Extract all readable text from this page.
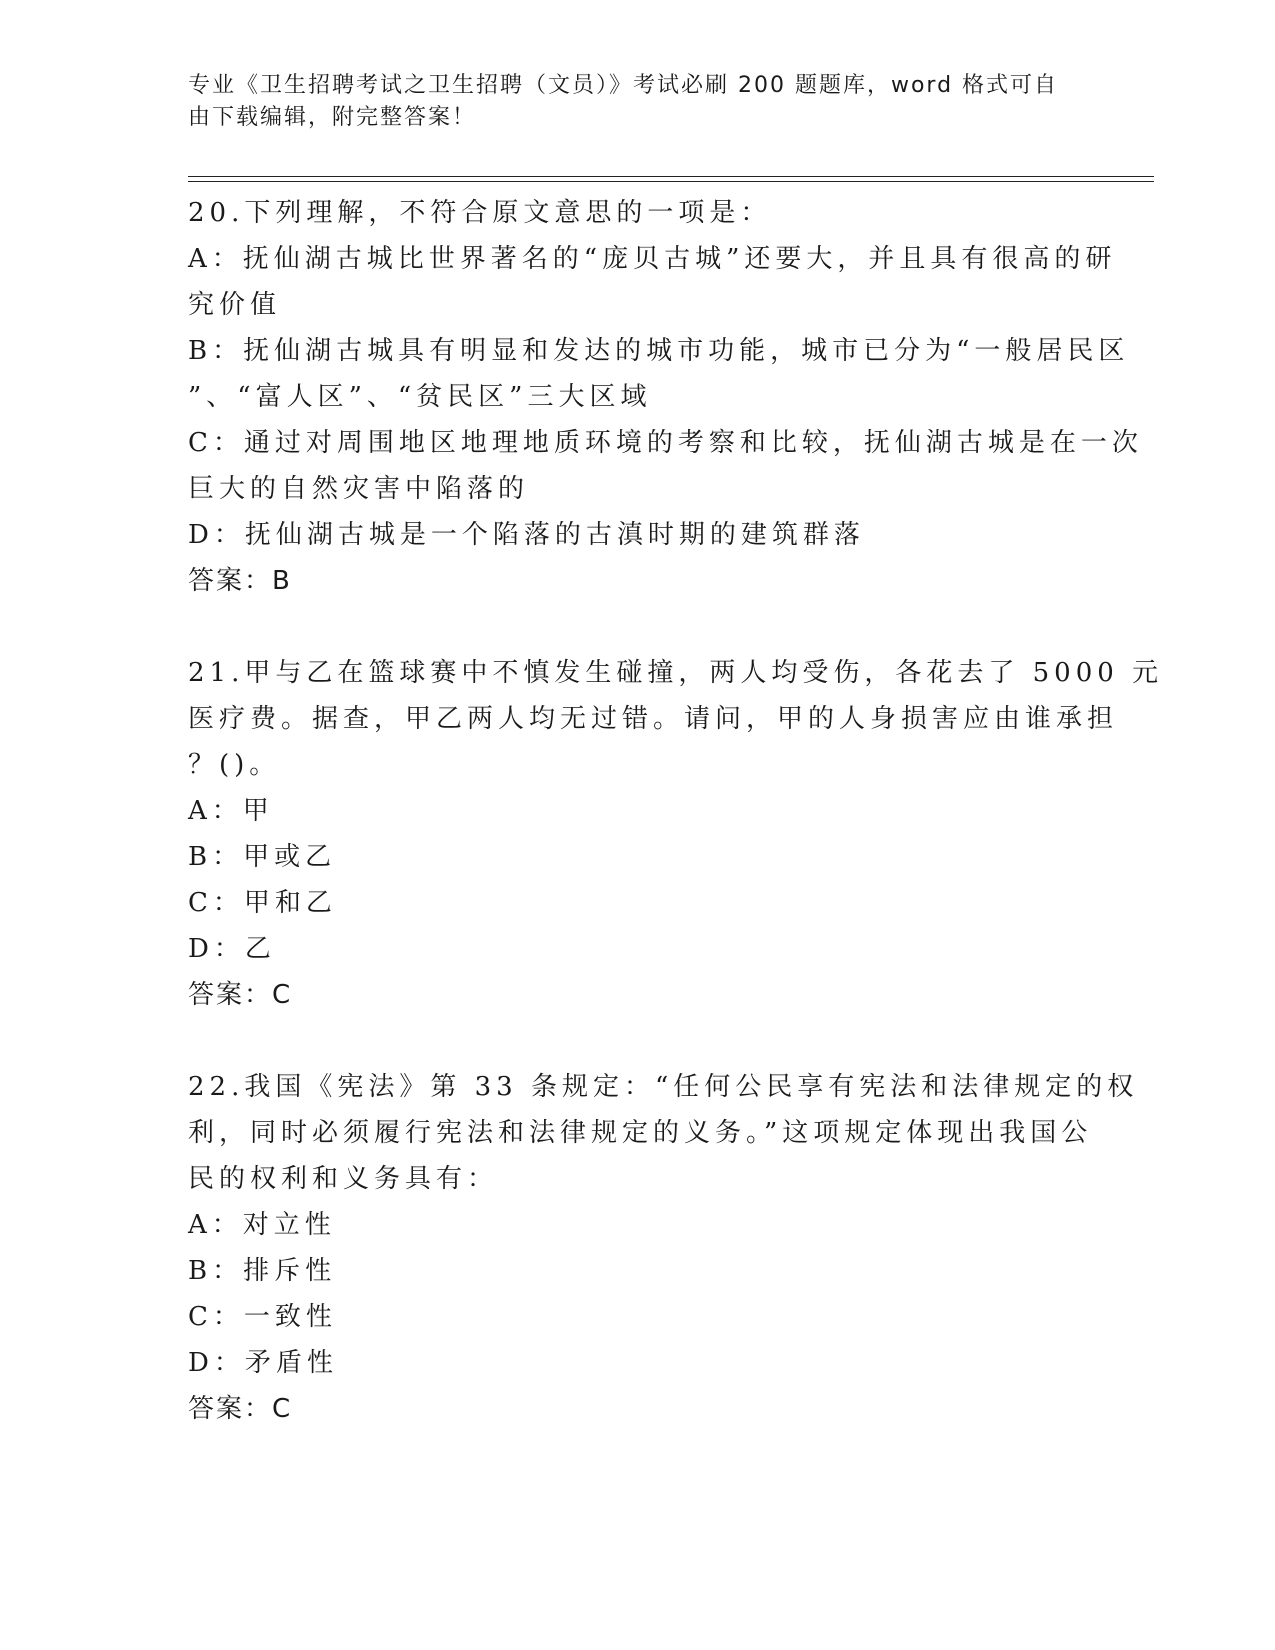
专业《卫生招聘考试之卫生招聘（文员）》考试必刷 200 题题库，word 格式可自
由下载编辑，附完整答案！
20.下列理解，不符合原文意思的一项是：
A：抚仙湖古城比世界著名的“庞贝古城”还要大，并且具有很高的研
究价值
B：抚仙湖古城具有明显和发达的城市功能，城市已分为“一般居民区
”、“富人区”、“贫民区”三大区域
C：通过对周围地区地理地质环境的考察和比较，抚仙湖古城是在一次
巨大的自然灾害中陷落的
D：抚仙湖古城是一个陷落的古滇时期的建筑群落
答案：B
21.甲与乙在篮球赛中不慎发生碰撞，两人均受伤，各花去了 5000 元
医疗费。据查，甲乙两人均无过错。请问，甲的人身损害应由谁承担
？()。
A：甲
B：甲或乙
C：甲和乙
D：乙
答案：C
22.我国《宪法》第 33 条规定：“任何公民享有宪法和法律规定的权
利，同时必须履行宪法和法律规定的义务。”这项规定体现出我国公
民的权利和义务具有：
A：对立性
B：排斥性
C：一致性
D：矛盾性
答案：C
